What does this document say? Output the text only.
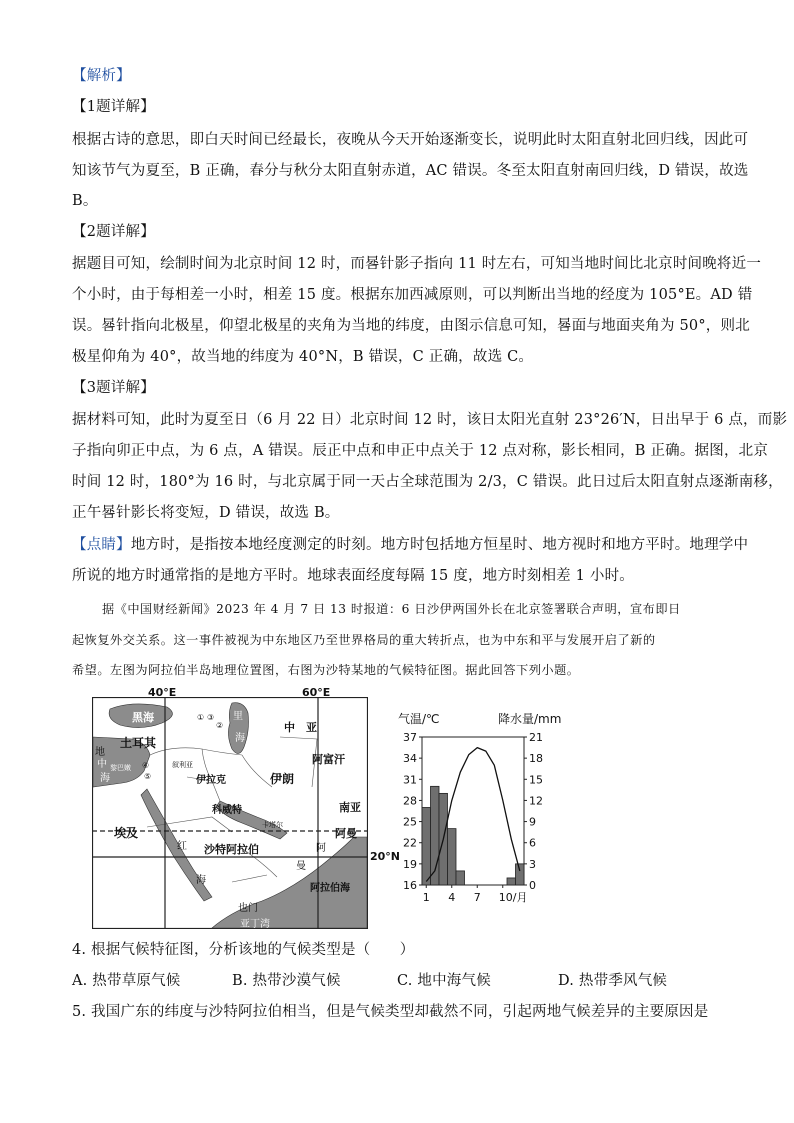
【解析】
【1题详解】
根据古诗的意思，即白天时间已经最长，夜晚从今天开始逐渐变长，说明此时太阳直射北回归线，因此可
知该节气为夏至，B 正确，春分与秋分太阳直射赤道，AC 错误。冬至太阳直射南回归线，D 错误，故选
B。
【2题详解】
据题目可知，绘制时间为北京时间 12 时，而晷针影子指向 11 时左右，可知当地时间比北京时间晚将近一
个小时，由于每相差一小时，相差 15 度。根据东加西减原则，可以判断出当地的经度为 105°E。AD 错
误。晷针指向北极星，仰望北极星的夹角为当地的纬度，由图示信息可知，晷面与地面夹角为 50°，则北
极星仰角为 40°，故当地的纬度为 40°N，B 错误，C 正确，故选 C。
【3题详解】
据材料可知，此时为夏至日（6 月 22 日）北京时间 12 时，该日太阳光直射 23°26′N，日出早于 6 点，而影
子指向卯正中点，为 6 点，A 错误。辰正中点和申正中点关于 12 点对称，影长相同，B 正确。据图，北京
时间 12 时，180°为 16 时，与北京属于同一天占全球范围为 2/3，C 错误。此日过后太阳直射点逐渐南移，
正午晷针影长将变短，D 错误，故选 B。
【点睛】地方时，是指按本地经度测定的时刻。地方时包括地方恒星时、地方视时和地方平时。地理学中
所说的地方时通常指的是地方平时。地球表面经度每隔 15 度，地方时刻相差 1 小时。
据《中国财经新闻》2023 年 4 月 7 日 13 时报道：6 日沙伊两国外长在北京签署联合声明，宣布即日
起恢复外交关系。这一事件被视为中东地区乃至世界格局的重大转折点，也为中东和平与发展开启了新的
希望。左图为阿拉伯半岛地理位置图，右图为沙特某地的气候特征图。据此回答下列小题。
黑海
中　亚
里
海
土耳其
地
中
海
黎巴嫩	叙利亚
以色列
伊拉克	伊朗
阿富汗
科威特
卡塔尔
南亚
埃及	阿曼
红
海
沙特阿拉伯	阿
曼
也门
亚丁湾
阿拉伯海
①
②
③
④
⑤
40°E	60°E
20°N
气温/℃	降水量/mm
37
34
31
28
25
22
19
16
21
18
15
12
9
6
3
0
1 4 7 10/月
4. 根据气候特征图，分析该地的气候类型是（　　）
A. 热带草原气候	B. 热带沙漠气候	C. 地中海气候	D. 热带季风气候
5. 我国广东的纬度与沙特阿拉伯相当，但是气候类型却截然不同，引起两地气候差异的主要原因是
